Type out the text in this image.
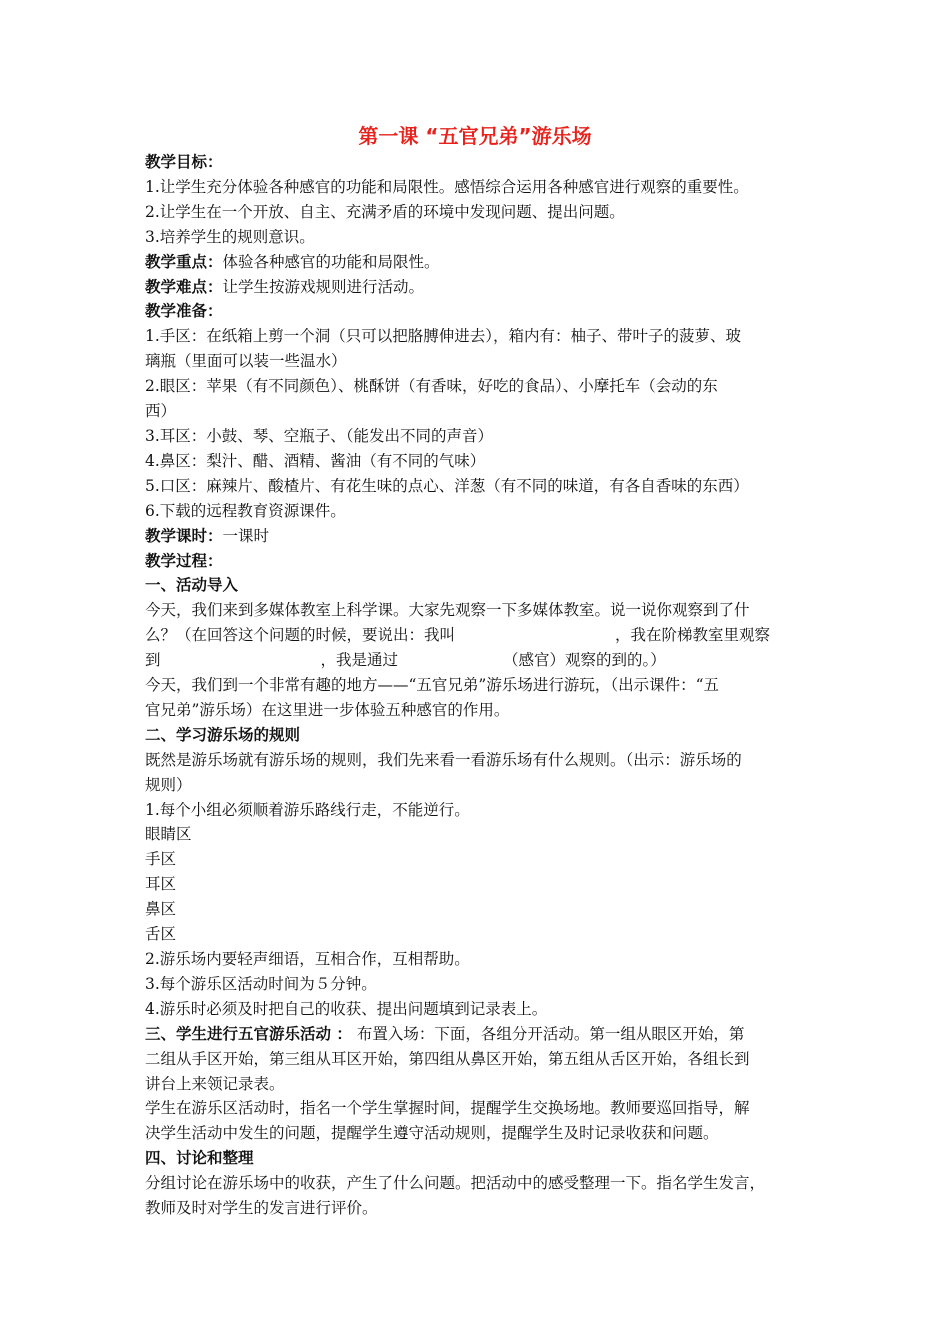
第一课 “五官兄弟”游乐场
教学目标：
1.让学生充分体验各种感官的功能和局限性。感悟综合运用各种感官进行观察的重要性。
2.让学生在一个开放、自主、充满矛盾的环境中发现问题、提出问题。
3.培养学生的规则意识。
教学重点：体验各种感官的功能和局限性。
教学难点：让学生按游戏规则进行活动。
教学准备：
1.手区：在纸箱上剪一个洞（只可以把胳膊伸进去），箱内有：柚子、带叶子的菠萝、玻
璃瓶（里面可以装一些温水）
2.眼区：苹果（有不同颜色）、桃酥饼（有香味，好吃的食品）、小摩托车（会动的东
西）
3.耳区：小鼓、琴、空瓶子、（能发出不同的声音）
4.鼻区：梨汁、醋、酒精、酱油（有不同的气味）
5.口区：麻辣片、酸楂片、有花生味的点心、洋葱（有不同的味道，有各自香味的东西）
6.下载的远程教育资源课件。
教学课时：一课时
教学过程：
一、活动导入
今天，我们来到多媒体教室上科学课。大家先观察一下多媒体教室。说一说你观察到了什
么？（在回答这个问题的时候，要说出：我叫	，我在阶梯教室里观察
到	，我是通过	（感官）观察的到的。）
今天，我们到一个非常有趣的地方——“五官兄弟”游乐场进行游玩，（出示课件：“五
官兄弟”游乐场）在这里进一步体验五种感官的作用。
二、学习游乐场的规则
既然是游乐场就有游乐场的规则，我们先来看一看游乐场有什么规则。（出示：游乐场的
规则）
1.每个小组必须顺着游乐路线行走，不能逆行。
眼睛区
手区
耳区
鼻区
舌区
2.游乐场内要轻声细语，互相合作，互相帮助。
3.每个游乐区活动时间为５分钟。
4.游乐时必须及时把自己的收获、提出问题填到记录表上。
三、学生进行五官游乐活动 ： 布置入场：下面，各组分开活动。第一组从眼区开始，第
二组从手区开始，第三组从耳区开始，第四组从鼻区开始，第五组从舌区开始，各组长到
讲台上来领记录表。
学生在游乐区活动时，指名一个学生掌握时间，提醒学生交换场地。教师要巡回指导，解
决学生活动中发生的问题，提醒学生遵守活动规则，提醒学生及时记录收获和问题。
四、讨论和整理
分组讨论在游乐场中的收获，产生了什么问题。把活动中的感受整理一下。指名学生发言，
教师及时对学生的发言进行评价。
